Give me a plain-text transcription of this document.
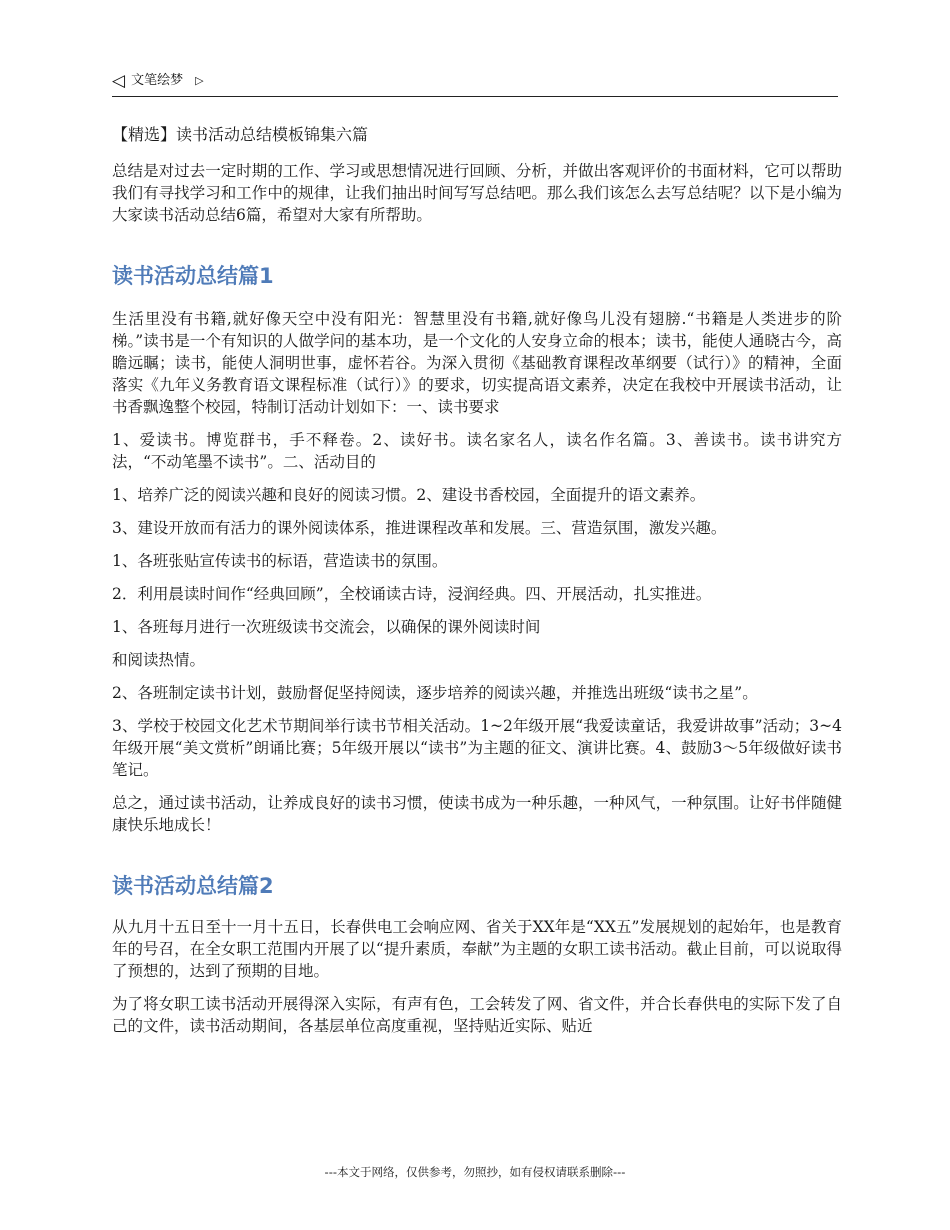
◁ 文笔绘梦 ▷
【精选】读书活动总结模板锦集六篇

总结是对过去一定时期的工作、学习或思想情况进行回顾、分析，并做出客观评价的书面材料，它可以帮助我们有寻找学习和工作中的规律，让我们抽出时间写写总结吧。那么我们该怎么去写总结呢？以下是小编为大家读书活动总结6篇，希望对大家有所帮助。

读书活动总结篇1

生活里没有书籍,就好像天空中没有阳光：智慧里没有书籍,就好像鸟儿没有翅膀.“书籍是人类进步的阶梯。”读书是一个有知识的人做学问的基本功，是一个文化的人安身立命的根本；读书，能使人通晓古今，高瞻远瞩；读书，能使人洞明世事，虚怀若谷。为深入贯彻《基础教育课程改革纲要（试行）》的精神，全面落实《九年义务教育语文课程标准（试行）》的要求，切实提高语文素养，决定在我校中开展读书活动，让书香飘逸整个校园，特制订活动计划如下：一、读书要求

1、爱读书。博览群书，手不释卷。2、读好书。读名家名人，读名作名篇。3、善读书。读书讲究方法，“不动笔墨不读书”。二、活动目的

1、培养广泛的阅读兴趣和良好的阅读习惯。2、建设书香校园，全面提升的语文素养。

3、建设开放而有活力的课外阅读体系，推进课程改革和发展。三、营造氛围，激发兴趣。

1、各班张贴宣传读书的标语，营造读书的氛围。

2．利用晨读时间作“经典回顾”，全校诵读古诗，浸润经典。四、开展活动，扎实推进。

1、各班每月进行一次班级读书交流会，以确保的课外阅读时间

和阅读热情。

2、各班制定读书计划，鼓励督促坚持阅读，逐步培养的阅读兴趣，并推选出班级“读书之星”。

3、学校于校园文化艺术节期间举行读书节相关活动。1~2年级开展“我爱读童话，我爱讲故事”活动；3~4年级开展“美文赏析”朗诵比赛；5年级开展以“读书”为主题的征文、演讲比赛。4、鼓励3～5年级做好读书笔记。

总之，通过读书活动，让养成良好的读书习惯，使读书成为一种乐趣，一种风气，一种氛围。让好书伴随健康快乐地成长！

读书活动总结篇2

从九月十五日至十一月十五日，长春供电工会响应网、省关于XX年是“XX五”发展规划的起始年，也是教育年的号召，在全女职工范围内开展了以“提升素质，奉献”为主题的女职工读书活动。截止目前，可以说取得了预想的，达到了预期的目地。

为了将女职工读书活动开展得深入实际，有声有色，工会转发了网、省文件，并合长春供电的实际下发了自己的文件，读书活动期间，各基层单位高度重视，坚持贴近实际、贴近

---本文于网络，仅供参考，勿照抄，如有侵权请联系删除---
